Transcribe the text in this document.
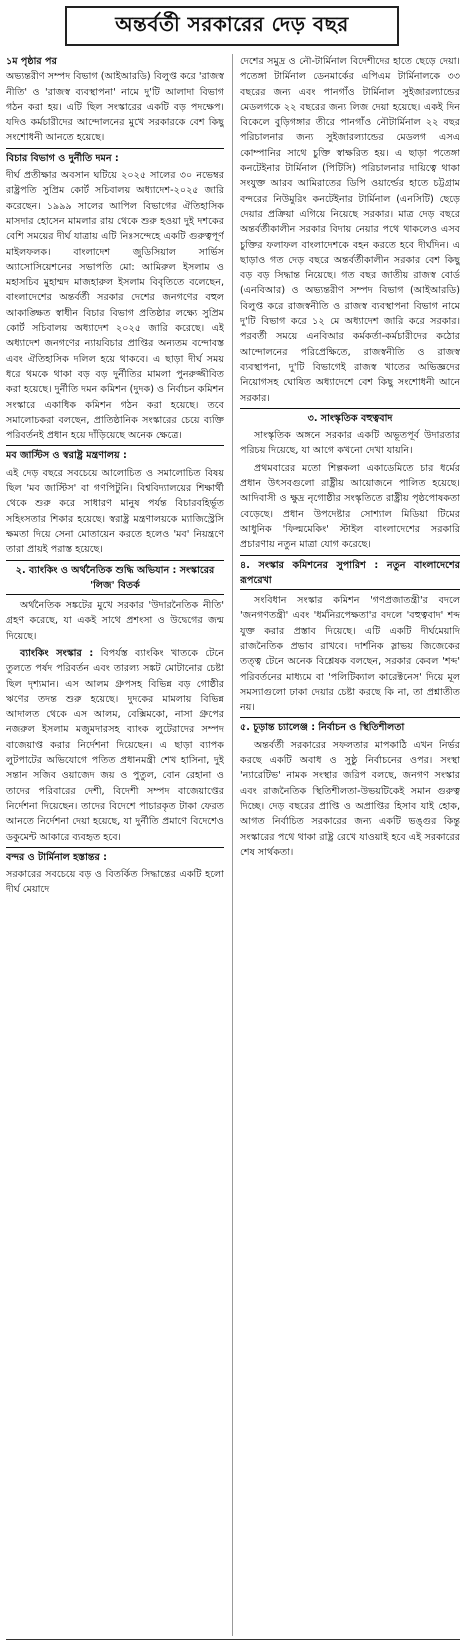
অন্তর্বর্তী সরকারের দেড় বছর

১ম পৃষ্ঠার পর

অভ্যন্তরীণ সম্পদ বিভাগ (আইআরডি) বিলুপ্ত করে 'রাজস্ব নীতি' ও 'রাজস্ব ব্যবস্থাপনা' নামে দু'টি আলাদা বিভাগ গঠন করা হয়। এটি ছিল সংস্কারের একটি বড় পদক্ষেপ। যদিও কর্মচারীদের আন্দোলনের মুখে সরকারকে বেশ কিছু সংশোধনী আনতে হয়েছে।

বিচার বিভাগ ও দুর্নীতি দমন :

দীর্ঘ প্রতীক্ষার অবসান ঘটিয়ে ২০২৫ সালের ৩০ নভেম্বর রাষ্ট্রপতি সুপ্রিম কোর্ট সচিবালয় অধ্যাদেশ-২০২৫ জারি করেছেন। ১৯৯৯ সালের আপিল বিভাগের ঐতিহাসিক মাসদার হোসেন মামলার রায় থেকে শুরু হওয়া দুই দশকের বেশি সময়ের দীর্ঘ যাত্রায় এটি নিঃসন্দেহে একটি গুরুত্বপূর্ণ মাইলফলক। বাংলাদেশ জুডিসিয়াল সার্ভিস অ্যাসোসিয়েশনের সভাপতি মো: আমিরুল ইসলাম ও মহাসচিব মুহাম্মদ মাজহারুল ইসলাম বিবৃতিতে বলেছেন, বাংলাদেশের অন্তর্বর্তী সরকার দেশের জনগণের বহুল আকাঙ্ক্ষিত স্বাধীন বিচার বিভাগ প্রতিষ্ঠার লক্ষ্যে সুপ্রিম কোর্ট সচিবালয় অধ্যাদেশ ২০২৫ জারি করেছে। এই অধ্যাদেশ জনগণের ন্যায়বিচার প্রাপ্তির অন্যতম বন্দোবস্ত এবং ঐতিহাসিক দলিল হয়ে থাকবে। এ ছাড়া দীর্ঘ সময় ধরে থমকে থাকা বড় বড় দুর্নীতির মামলা পুনরুজ্জীবিত করা হয়েছে। দুর্নীতি দমন কমিশন (দুদক) ও নির্বাচন কমিশন সংস্কারে একাধিক কমিশন গঠন করা হয়েছে। তবে সমালোচকরা বলছেন, প্রাতিষ্ঠানিক সংস্কারের চেয়ে ব্যক্তি পরিবর্তনই প্রধান হয়ে দাঁড়িয়েছে অনেক ক্ষেত্রে।

মব জাস্টিস ও স্বরাষ্ট্র মন্ত্রণালয় :

এই দেড় বছরে সবচেয়ে আলোচিত ও সমালোচিত বিষয় ছিল 'মব জাস্টিস' বা গণপিটুনি। বিশ্ববিদ্যালয়ের শিক্ষার্থী থেকে শুরু করে সাধারণ মানুষ পর্যন্ত বিচারবহির্ভূত সহিংসতার শিকার হয়েছে। স্বরাষ্ট্র মন্ত্রণালয়কে ম্যাজিস্ট্রেসি ক্ষমতা দিয়ে সেনা মোতায়েন করতে হলেও 'মব' নিয়ন্ত্রণে তারা প্রায়ই পরাস্ত হয়েছে।

২. ব্যাংকিং ও অর্থনৈতিক শুদ্ধি অভিযান : সংস্কারের 'লিজ' বিতর্ক

অর্থনৈতিক সঙ্কটের মুখে সরকার 'উদারনৈতিক নীতি' গ্রহণ করেছে, যা একই সাথে প্রশংসা ও উদ্বেগের জন্ম দিয়েছে।

ব্যাংকিং সংস্কার : বিপর্যস্ত ব্যাংকিং খাতকে টেনে তুলতে পর্ষদ পরিবর্তন এবং তারল্য সঙ্কট মোটানোর চেষ্টা ছিল দৃশ্যমান। এস আলম গ্রুপসহ বিভিন্ন বড় গোষ্ঠীর ঋণের তদন্ত শুরু হয়েছে। দুদকের মামলায় বিভিন্ন আদালত থেকে এস আলম, বেক্সিমকো, নাসা গ্রুপের নজরুল ইসলাম মজুমদারসহ ব্যাংক লুটেরাদের সম্পদ বাজেয়াপ্ত করার নির্দেশনা দিয়েছেন। এ ছাড়া ব্যাপক লুটপাটের অভিযোগে পতিত প্রধানমন্ত্রী শেখ হাসিনা, দুই সন্তান সজিব ওয়াজেদ জয় ও পুতুল, বোন রেহানা ও তাদের পরিবারের দেশী, বিদেশী সম্পদ বাজেয়াপ্তের নির্দেশনা দিয়েছেন। তাদের বিদেশে পাচারকৃত টাকা ফেরত আনতে নির্দেশনা দেয়া হয়েছে, যা দুর্নীতি প্রমাণে বিদেশেও ডকুমেন্ট আকারে ব্যবহৃত হবে।

বন্দর ও টার্মিনাল হস্তান্তর :

সরকারের সবচেয়ে বড় ও বিতর্কিত সিদ্ধান্তের একটি হলো দীর্ঘ মেয়াদে

দেশের সমুদ্র ও নৌ-টার্মিনাল বিদেশীদের হাতে ছেড়ে দেয়া। পতেঙ্গা টার্মিনাল ডেনমার্কের এপিএম টার্মিনালকে ৩৩ বছরের জন্য এবং পানগাঁও টার্মিনাল সুইজারল্যান্ডের মেডলগকে ২২ বছরের জন্য লিজ দেয়া হয়েছে। একই দিন বিকেলে বুড়িগঙ্গার তীরে পানগাঁও নৌটার্মিনাল ২২ বছর পরিচালনার জন্য সুইজারল্যান্ডের মেডলগ এসএ কোম্পানির সাথে চুক্তি স্বাক্ষরিত হয়। এ ছাড়া পতেঙ্গা কনটেইনার টার্মিনাল (পিটিসি) পরিচালনার দায়িত্বে থাকা সংযুক্ত আরব আমিরাতের ডিপি ওয়ার্ল্ডের হাতে চট্টগ্রাম বন্দরের নিউমুরিং কনটেইনার টার্মিনাল (এনসিটি) ছেড়ে দেয়ার প্রক্রিয়া এগিয়ে নিয়েছে সরকার। মাত্র দেড় বছরে অন্তর্বর্তীকালীন সরকার বিদায় নেয়ার পথে থাকলেও এসব চুক্তির ফলাফল বাংলাদেশকে বহন করতে হবে দীর্ঘদিন। এ ছাড়াও গত দেড় বছরে অন্তর্বর্তীকালীন সরকার বেশ কিছু বড় বড় সিদ্ধান্ত নিয়েছে। গত বছর জাতীয় রাজস্ব বোর্ড (এনবিআর) ও অভ্যন্তরীণ সম্পদ বিভাগ (আইআরডি) বিলুপ্ত করে রাজস্বনীতি ও রাজস্ব ব্যবস্থাপনা বিভাগ নামে দু'টি বিভাগ করে ১২ মে অধ্যাদেশ জারি করে সরকার। পরবর্তী সময়ে এনবিআর কর্মকর্তা-কর্মচারীদের কঠোর আন্দোলনের পরিপ্রেক্ষিতে, রাজস্বনীতি ও রাজস্ব ব্যবস্থাপনা, দু'টি বিভাগেই রাজস্ব খাতের অভিজ্ঞদের নিয়োগসহ ঘোষিত অধ্যাদেশে বেশ কিছু সংশোধনী আনে সরকার।

৩. সাংস্কৃতিক বহুত্ববাদ

সাংস্কৃতিক অঙ্গনে সরকার একটি অভূতপূর্ব উদারতার পরিচয় দিয়েছে, যা আগে কখনো দেখা যায়নি।

প্রথমবারের মতো শিল্পকলা একাডেমিতে চার ধর্মের প্রধান উৎসবগুলো রাষ্ট্রীয় আয়োজনে পালিত হয়েছে। আদিবাসী ও ক্ষুদ্র নৃগোষ্ঠীর সংস্কৃতিতে রাষ্ট্রীয় পৃষ্ঠপোষকতা বেড়েছে। প্রধান উপদেষ্টার সোশ্যাল মিডিয়া টিমের আধুনিক 'ফিল্মমেকিং' স্টাইল বাংলাদেশের সরকারি প্রচারণায় নতুন মাত্রা যোগ করেছে।

৪. সংস্কার কমিশনের সুপারিশ : নতুন বাংলাদেশের রূপরেখা

সংবিধান সংস্কার কমিশন 'গণপ্রজাতন্ত্রী'র বদলে 'জনগণতন্ত্রী' এবং 'ধর্মনিরপেক্ষতা'র বদলে 'বহুত্ববাদ' শব্দ যুক্ত করার প্রস্তাব দিয়েছে। এটি একটি দীর্ঘমেয়াদি রাজনৈতিক প্রভাব রাখবে। দার্শনিক স্লাভয় জিজেকের তত্ত্ব টেনে অনেক বিশ্লেষক বলছেন, সরকার কেবল 'শব্দ' পরিবর্তনের মাধ্যমে বা 'পলিটিক্যাল কারেক্টনেস' দিয়ে মূল সমস্যাগুলো ঢাকা দেয়ার চেষ্টা করছে কি না, তা প্রশ্নাতীত নয়।

৫. চূড়ান্ত চ্যালেঞ্জ : নির্বাচন ও স্থিতিশীলতা

অন্তর্বর্তী সরকারের সফলতার মাপকাঠি এখন নির্ভর করছে একটি অবাধ ও সুষ্ঠু নির্বাচনের ওপর। সংস্থা 'ন্যারেটিভ' নামক সংস্থার জরিপ বলছে, জনগণ সংস্কার এবং রাজনৈতিক স্থিতিশীলতা-উভয়টিকেই সমান গুরুত্ব দিচ্ছে। দেড় বছরের প্রাপ্তি ও অপ্রাপ্তির হিসাব যাই হোক, আগত নির্বাচিত সরকারের জন্য একটি ভঙ্গুর কিন্তু সংস্কারের পথে থাকা রাষ্ট্র রেখে যাওয়াই হবে এই সরকারের শেষ সার্থকতা।
